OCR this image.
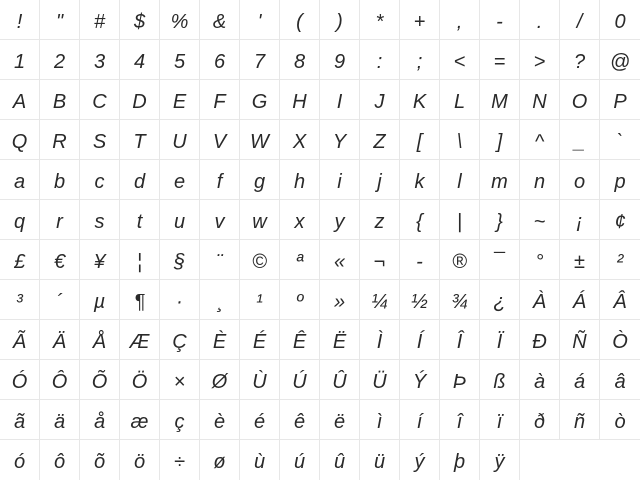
!	"	#	$	%	&	'	(	)	*	+	,	-	.	/	0
1	2	3	4	5	6	7	8	9	:	;	<	=	>	?	@
A	B	C	D	E	F	G	H	I	J	K	L	M	N	O	P
Q	R	S	T	U	V	W	X	Y	Z	[	\	]	^	_	`
a	b	c	d	e	f	g	h	i	j	k	l	m	n	o	p
q	r	s	t	u	v	w	x	y	z	{	|	}	~	¡	¢
£	€	¥	¦	§	¨	©	ª	«	¬	-	®	¯	°	±	²
³	´	µ	¶	·	¸	¹	º	»	¼	½	¾	¿	À	Á	Â
Ã	Ä	Å	Æ	Ç	È	É	Ê	Ë	Ì	Í	Î	Ï	Ð	Ñ	Ò
Ó	Ô	Õ	Ö	×	Ø	Ù	Ú	Û	Ü	Ý	Þ	ß	à	á	â
ã	ä	å	æ	ç	è	é	ê	ë	ì	í	î	ï	ð	ñ	ò
ó	ô	õ	ö	÷	ø	ù	ú	û	ü	ý	þ	ÿ
